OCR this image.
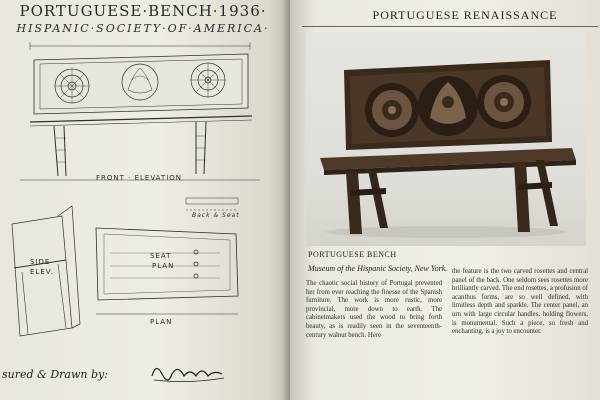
PORTUGUESE·BENCH·1936·
HISPANIC·SOCIETY·OF·AMERICA·
FRONT · ELEVATION
SIDE
ELEV.
SEAT
PLAN
PLAN
Back & Seat
sured & Drawn by:
PORTUGUESE RENAISSANCE
PORTUGUESE BENCH
Museum of the Hispanic Society, New York.
The chaotic social history of Portugal prevented her from ever reaching the finesse of the Spanish furniture. The work is more rustic, more provincial, more down to earth. The cabinetmakers used the wood to bring forth beauty, as is readily seen in the seventeenth-century walnut bench. Here
the feature is the two carved rosettes and central panel of the back. One seldom sees rosettes more brilliantly carved. The end rosettes, a profusion of acanthus forms, are so well defined, with limitless depth and sparkle. The center panel, an urn with large circular handles, holding flowers, is monumental. Such a piece, so fresh and enchanting, is a joy to encounter.
